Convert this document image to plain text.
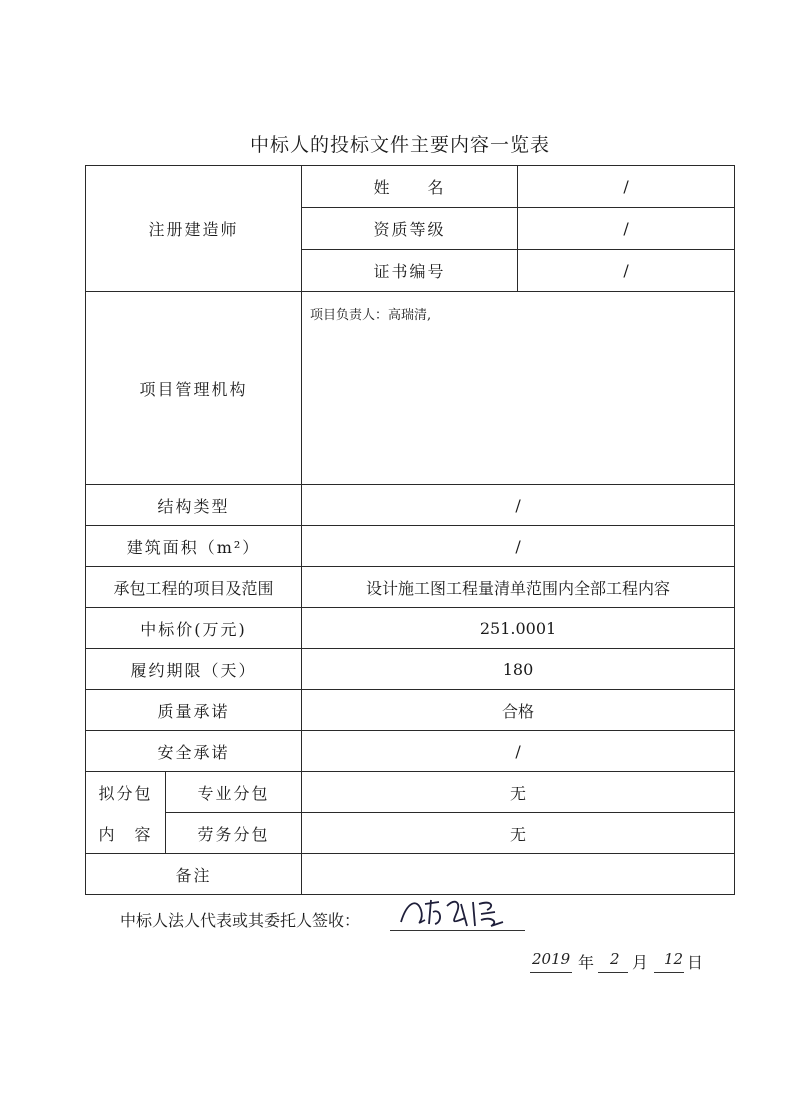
中标人的投标文件主要内容一览表
注册建造师		姓　　名	/
		资质等级	/
		证书编号	/
项目管理机构		项目负责人：高瑞清,	

结构类型		/	
建筑面积（m²）		/	
承包工程的项目及范围		设计施工图工程量清单范围内全部工程内容	
中标价(万元)		251.0001	
履约期限（天）		180	
质量承诺		合格	
安全承诺		/	

拟分包
内　容	专业分包	无	
	劳务分包	无	
备注			
中标人法人代表或其委托人签收：
2019 年 2 月 12 日
